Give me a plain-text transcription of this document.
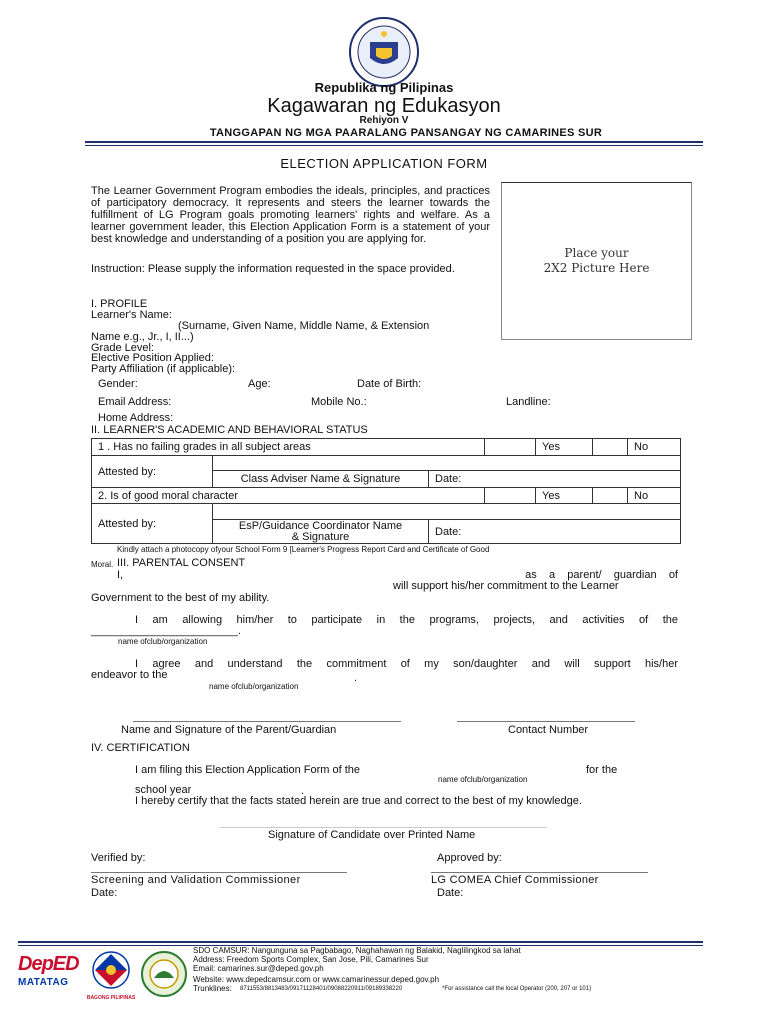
Republika ng Pilipinas
Kagawaran ng Edukasyon
Rehiyon V
TANGGAPAN NG MGA PAARALANG PANSANGAY NG CAMARINES SUR
ELECTION APPLICATION FORM
The Learner Government Program embodies the ideals, principles, and practices of participatory democracy. It represents and steers the learner towards the fulfillment of LG Program goals promoting learners' rights and welfare. As a learner government leader, this Election Application Form is a statement of your best knowledge and understanding of a position you are applying for.
Instruction: Please supply the information requested in the space provided.
Place your
2X2 Picture Here
I. PROFILE
Learner's Name:
(Surname, Given Name, Middle Name, & Extension
Name e.g., Jr., I, II...)
Grade Level:
Elective Position Applied:
Party Affiliation (if applicable):
Gender:	Age:	Date of Birth:
Email Address:	Mobile No.:	Landline:
Home Address:
II. LEARNER'S ACADEMIC AND BEHAVIORAL STATUS
1 . Has no failing grades in all subject areas				Yes		No
Attested by:						
	Class Adviser Name & Signature	Date:				
2. Is of good moral character				Yes		No
Attested by:						

	EsP/Guidance Coordinator Name
& Signature	Date:				
Kindly attach a photocopy ofyour School Form 9 [Learner's Progress Report Card and Certificate of Good
Moral. III. PARENTAL CONSENT
I,	as    a    parent/    guardian    of
will support his/her commitment to the Learner
Government to the best of my ability.
I am allowing him/her to participate in the programs, projects, and activities of the
________________________.
name ofclub/organization
I agree and understand the commitment of my son/daughter and will support his/her
endeavor to the	.
name ofclub/organization
Name and Signature of the Parent/Guardian	Contact Number
IV. CERTIFICATION
I am filing this Election Application Form of the	for the
name ofclub/organization
school year	.
I hereby certify that the facts stated herein are true and correct to the best of my knowledge.
Signature of Candidate over Printed Name
Verified by:	Approved by:
Screening and Validation Commissioner	LG COMEA Chief Commissioner
Date:	Date:
DepED
MATATAG
BAGONG PILIPINAS
SDO CAMSUR: Nangunguna sa Pagbabago, Naghahawan ng Balakid, Naglilingkod sa lahat
Address: Freedom Sports Complex, San Jose, Pili, Camarines Sur
Email: camarines.sur@deped.gov.ph
Website: www.depedcamsur.com or www.camarinessur.deped.gov.ph
Trunklines: 8711553/8813483/09171128401/09088220911/09189338220	*For assistance call the local Operator (200, 207 or 101)
